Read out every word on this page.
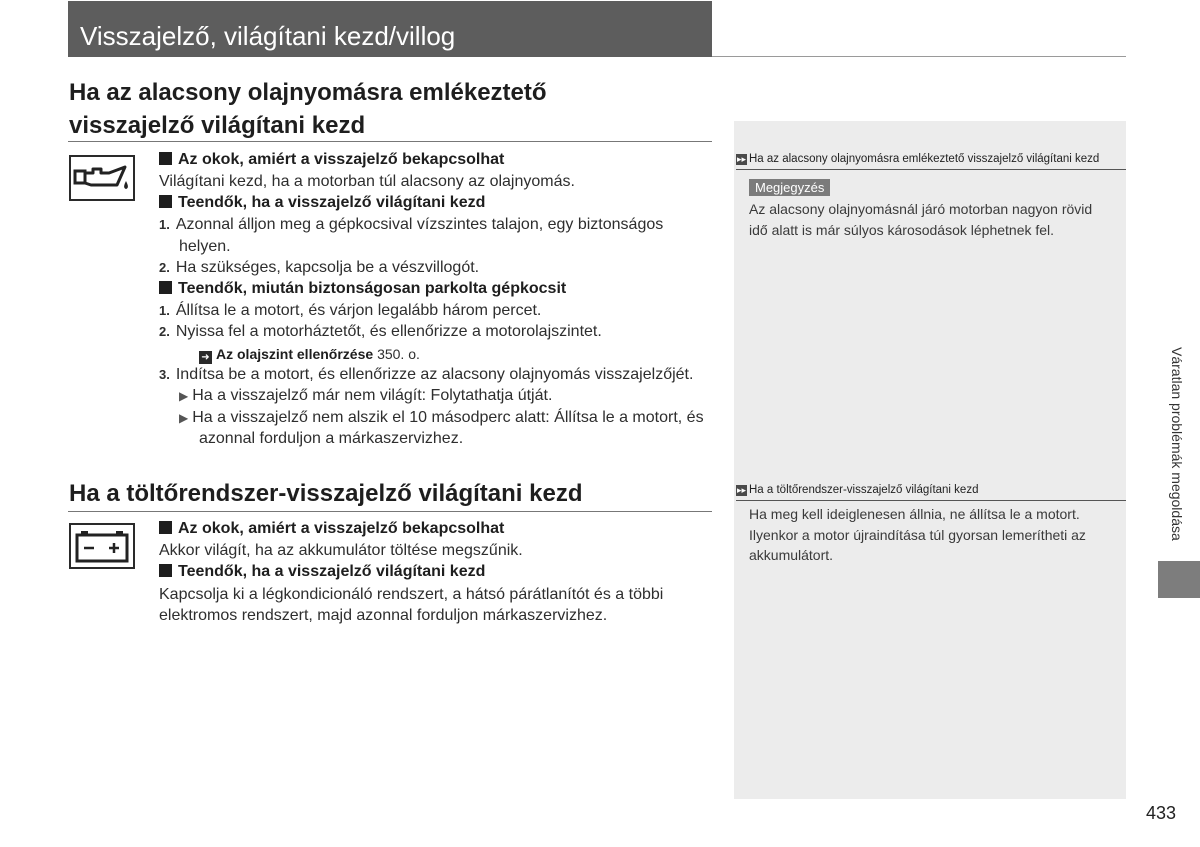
Visszajelző, világítani kezd/villog
▸▸ Ha az alacsony olajnyomásra emlékeztető visszajelző világítani kezd
Megjegyzés
Az alacsony olajnyomásnál járó motorban nagyon rövid
idő alatt is már súlyos károsodások léphetnek fel.
▸▸ Ha a töltőrendszer-visszajelző világítani kezd
Ha meg kell ideiglenesen állnia, ne állítsa le a motort.
Ilyenkor a motor újraindítása túl gyorsan lemerítheti az
akkumulátort.
Váratlan problémák megoldása
433
Ha az alacsony olajnyomásra emlékeztető
visszajelző világítani kezd
Az okok, amiért a visszajelző bekapcsolhat
Világítani kezd, ha a motorban túl alacsony az olajnyomás.
Teendők, ha a visszajelző világítani kezd
1. Azonnal álljon meg a gépkocsival vízszintes talajon, egy biztonságos
helyen.
2. Ha szükséges, kapcsolja be a vészvillogót.
Teendők, miután biztonságosan parkolta gépkocsit
1. Állítsa le a motort, és várjon legalább három percet.
2. Nyissa fel a motorháztetőt, és ellenőrizze a motorolajszintet.
➜ Az olajszint ellenőrzése 350. o.
3. Indítsa be a motort, és ellenőrizze az alacsony olajnyomás visszajelzőjét.
▶ Ha a visszajelző már nem világít: Folytathatja útját.
▶ Ha a visszajelző nem alszik el 10 másodperc alatt: Állítsa le a motort, és
azonnal forduljon a márkaszervizhez.
Ha a töltőrendszer-visszajelző világítani kezd
Az okok, amiért a visszajelző bekapcsolhat
Akkor világít, ha az akkumulátor töltése megszűnik.
Teendők, ha a visszajelző világítani kezd
Kapcsolja ki a légkondicionáló rendszert, a hátsó párátlanítót és a többi
elektromos rendszert, majd azonnal forduljon márkaszervizhez.
